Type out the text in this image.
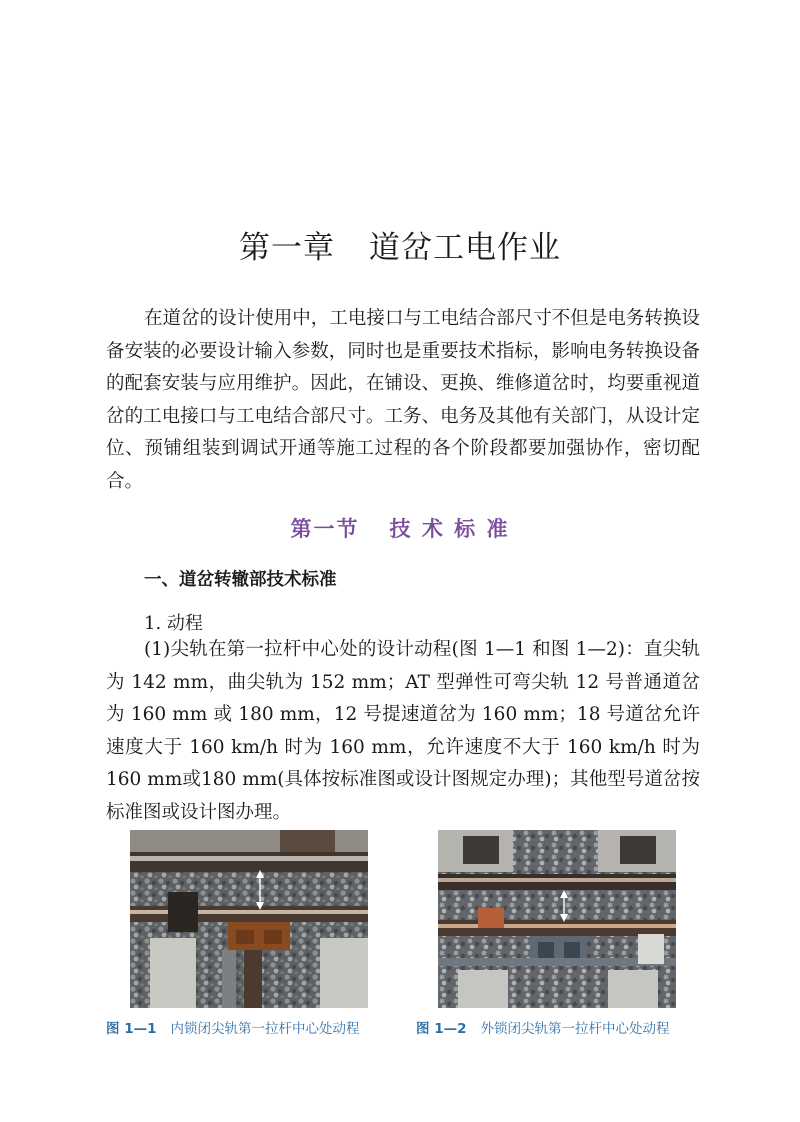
第一章 道岔工电作业

在道岔的设计使用中，工电接口与工电结合部尺寸不但是电务转换设备安装的必要设计输入参数，同时也是重要技术指标，影响电务转换设备的配套安装与应用维护。因此，在铺设、更换、维修道岔时，均要重视道岔的工电接口与工电结合部尺寸。工务、电务及其他有关部门，从设计定位、预铺组装到调试开通等施工过程的各个阶段都要加强协作，密切配合。

第一节 技 术 标 准
一、道岔转辙部技术标准

1. 动程

(1)尖轨在第一拉杆中心处的设计动程(图 1—1 和图 1—2)：直尖轨为 142 mm，曲尖轨为 152 mm；AT 型弹性可弯尖轨 12 号普通道岔为 160 mm 或 180 mm，12 号提速道岔为 160 mm；18 号道岔允许速度大于 160 km/h 时为 160 mm，允许速度不大于 160 km/h 时为 160 mm或180 mm(具体按标准图或设计图规定办理)；其他型号道岔按标准图或设计图办理。

图 1—1 内锁闭尖轨第一拉杆中心处动程	图 1—2 外锁闭尖轨第一拉杆中心处动程
